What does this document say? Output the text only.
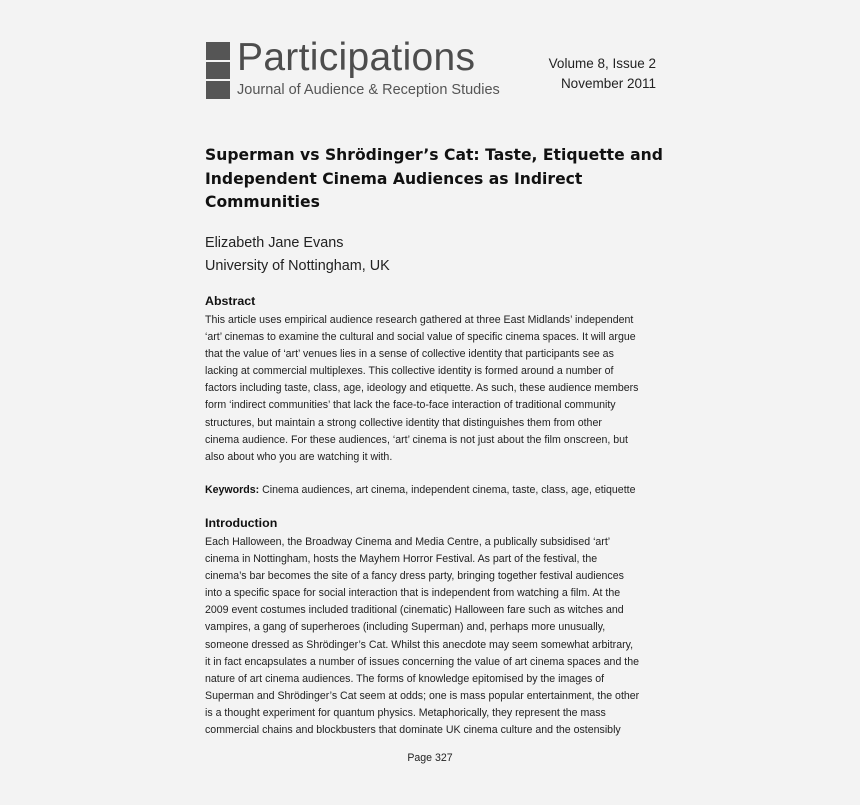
Participations
Journal of Audience & Reception Studies
Volume 8, Issue 2
November 2011
Superman vs Shrödinger’s Cat: Taste, Etiquette and
Independent Cinema Audiences as Indirect
Communities
Elizabeth Jane Evans
University of Nottingham, UK
Abstract
This article uses empirical audience research gathered at three East Midlands’ independent
‘art’ cinemas to examine the cultural and social value of specific cinema spaces. It will argue
that the value of ‘art’ venues lies in a sense of collective identity that participants see as
lacking at commercial multiplexes. This collective identity is formed around a number of
factors including taste, class, age, ideology and etiquette. As such, these audience members
form ‘indirect communities’ that lack the face-to-face interaction of traditional community
structures, but maintain a strong collective identity that distinguishes them from other
cinema audience. For these audiences, ‘art’ cinema is not just about the film onscreen, but
also about who you are watching it with.
Keywords: Cinema audiences, art cinema, independent cinema, taste, class, age, etiquette
Introduction
Each Halloween, the Broadway Cinema and Media Centre, a publically subsidised ‘art’
cinema in Nottingham, hosts the Mayhem Horror Festival. As part of the festival, the
cinema’s bar becomes the site of a fancy dress party, bringing together festival audiences
into a specific space for social interaction that is independent from watching a film. At the
2009 event costumes included traditional (cinematic) Halloween fare such as witches and
vampires, a gang of superheroes (including Superman) and, perhaps more unusually,
someone dressed as Shrödinger’s Cat. Whilst this anecdote may seem somewhat arbitrary,
it in fact encapsulates a number of issues concerning the value of art cinema spaces and the
nature of art cinema audiences. The forms of knowledge epitomised by the images of
Superman and Shrödinger’s Cat seem at odds; one is mass popular entertainment, the other
is a thought experiment for quantum physics. Metaphorically, they represent the mass
commercial chains and blockbusters that dominate UK cinema culture and the ostensibly
Page 327
